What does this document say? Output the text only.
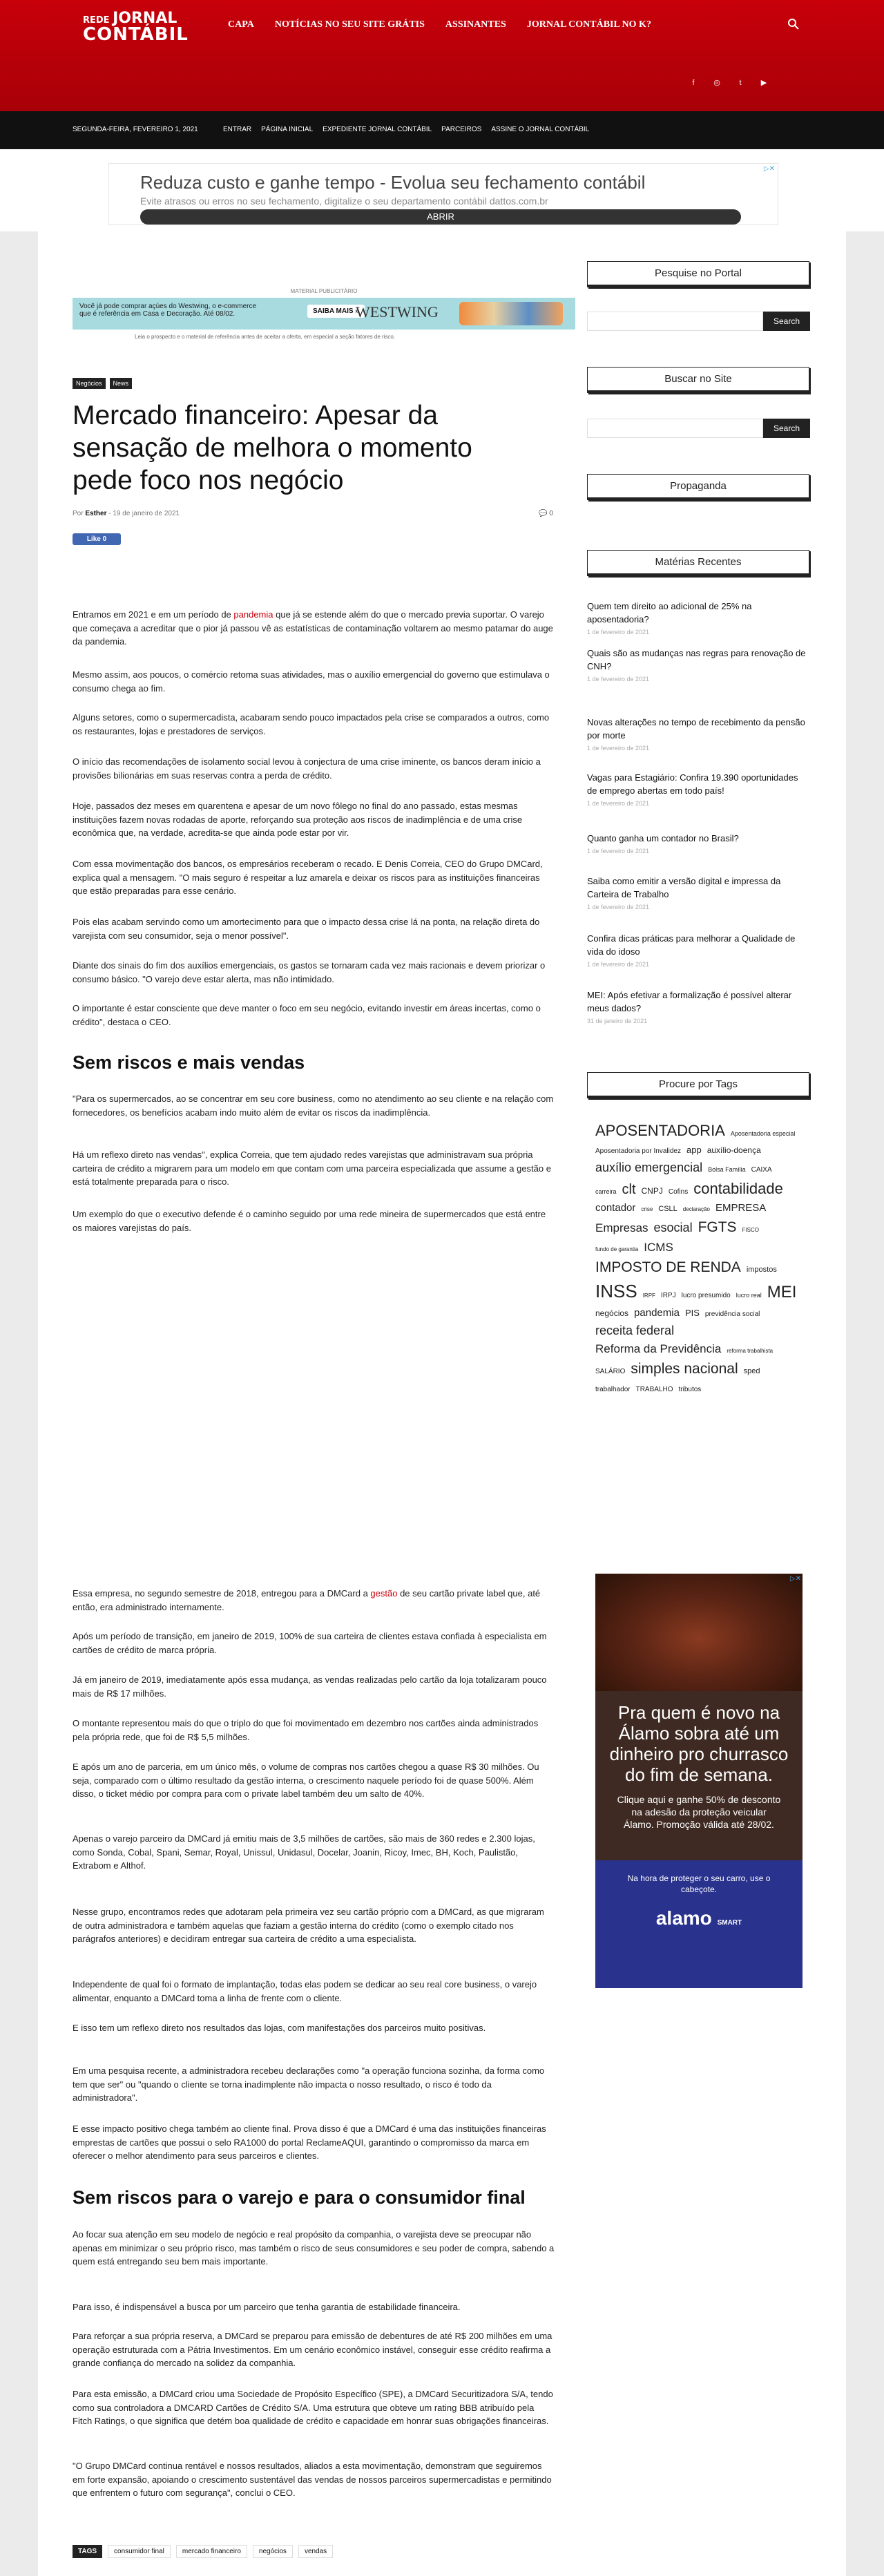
REDE JORNAL
CONTÁBIL	CAPA NOTÍCIAS NO SEU SITE GRÁTIS ASSINANTES JORNAL CONTÁBIL NO K?
f	◎	t	▶
SEGUNDA-FEIRA, FEVEREIRO 1, 2021	ENTRAR PÁGINA INICIAL EXPEDIENTE JORNAL CONTÁBIL PARCEIROS ASSINE O JORNAL CONTÁBIL
▷✕
Reduza custo e ganhe tempo - Evolua seu fechamento contábil
Evite atrasos ou erros no seu fechamento, digitalize o seu departamento contábil dattos.com.br
ABRIR
MATERIAL PUBLICITÁRIO
Você já pode comprar açúes do Westwing, o e-commerce que é referência em Casa e Decoração. Até 08/02.	SAIBA MAIS »
WESTWING
Leia o prospecto e o material de referência antes de aceitar a oferta, em especial a seção fatores de risco.
Negócios	News
Mercado financeiro: Apesar da sensação de melhora o momento pede foco nos negócio
Por Esther - 19 de janeiro de 2021	💬 0
Like 0

Entramos em 2021 e em um período de pandemia que já se estende além do que o mercado previa suportar. O varejo que começava a acreditar que o pior já passou vê as estatísticas de contaminação voltarem ao mesmo patamar do auge da pandemia.

Mesmo assim, aos poucos, o comércio retoma suas atividades, mas o auxílio emergencial do governo que estimulava o consumo chega ao fim.

Alguns setores, como o supermercadista, acabaram sendo pouco impactados pela crise se comparados a outros, como os restaurantes, lojas e prestadores de serviços.

O início das recomendações de isolamento social levou à conjectura de uma crise iminente, os bancos deram início a provisões bilionárias em suas reservas contra a perda de crédito.

Hoje, passados dez meses em quarentena e apesar de um novo fôlego no final do ano passado, estas mesmas instituições fazem novas rodadas de aporte, reforçando sua proteção aos riscos de inadimplência e de uma crise econômica que, na verdade, acredita-se que ainda pode estar por vir.

Com essa movimentação dos bancos, os empresários receberam o recado. E Denis Correia, CEO do Grupo DMCard, explica qual a mensagem. "O mais seguro é respeitar a luz amarela e deixar os riscos para as instituições financeiras que estão preparadas para esse cenário.

Pois elas acabam servindo como um amortecimento para que o impacto dessa crise lá na ponta, na relação direta do varejista com seu consumidor, seja o menor possível".

Diante dos sinais do fim dos auxílios emergenciais, os gastos se tornaram cada vez mais racionais e devem priorizar o consumo básico. "O varejo deve estar alerta, mas não intimidado.

O importante é estar consciente que deve manter o foco em seu negócio, evitando investir em áreas incertas, como o crédito", destaca o CEO.

Sem riscos e mais vendas

"Para os supermercados, ao se concentrar em seu core business, como no atendimento ao seu cliente e na relação com fornecedores, os benefícios acabam indo muito além de evitar os riscos da inadimplência.

Há um reflexo direto nas vendas", explica Correia, que tem ajudado redes varejistas que administravam sua própria carteira de crédito a migrarem para um modelo em que contam com uma parceira especializada que assume a gestão e está totalmente preparada para o risco.

Um exemplo do que o executivo defende é o caminho seguido por uma rede mineira de supermercados que está entre os maiores varejistas do país.

Essa empresa, no segundo semestre de 2018, entregou para a DMCard a gestão de seu cartão private label que, até então, era administrado internamente.

Após um período de transição, em janeiro de 2019, 100% de sua carteira de clientes estava confiada à especialista em cartões de crédito de marca própria.

Já em janeiro de 2019, imediatamente após essa mudança, as vendas realizadas pelo cartão da loja totalizaram pouco mais de R$ 17 milhões.

O montante representou mais do que o triplo do que foi movimentado em dezembro nos cartões ainda administrados pela própria rede, que foi de R$ 5,5 milhões.

E após um ano de parceria, em um único mês, o volume de compras nos cartões chegou a quase R$ 30 milhões. Ou seja, comparado com o último resultado da gestão interna, o crescimento naquele período foi de quase 500%. Além disso, o ticket médio por compra para com o private label também deu um salto de 40%.

Apenas o varejo parceiro da DMCard já emitiu mais de 3,5 milhões de cartões, são mais de 360 redes e 2.300 lojas, como Sonda, Cobal, Spani, Semar, Royal, Unissul, Unidasul, Docelar, Joanin, Ricoy, Imec, BH, Koch, Paulistão, Extrabom e Althof.

Nesse grupo, encontramos redes que adotaram pela primeira vez seu cartão próprio com a DMCard, as que migraram de outra administradora e também aquelas que faziam a gestão interna do crédito (como o exemplo citado nos parágrafos anteriores) e decidiram entregar sua carteira de crédito a uma especialista.

Independente de qual foi o formato de implantação, todas elas podem se dedicar ao seu real core business, o varejo alimentar, enquanto a DMCard toma a linha de frente com o cliente.

E isso tem um reflexo direto nos resultados das lojas, com manifestações dos parceiros muito positivas.

Em uma pesquisa recente, a administradora recebeu declarações como "a operação funciona sozinha, da forma como tem que ser" ou "quando o cliente se torna inadimplente não impacta o nosso resultado, o risco é todo da administradora".

E esse impacto positivo chega também ao cliente final. Prova disso é que a DMCard é uma das instituições financeiras emprestas de cartões que possui o selo RA1000 do portal ReclameAQUI, garantindo o compromisso da marca em oferecer o melhor atendimento para seus parceiros e clientes.

Sem riscos para o varejo e para o consumidor final

Ao focar sua atenção em seu modelo de negócio e real propósito da companhia, o varejista deve se preocupar não apenas em minimizar o seu próprio risco, mas também o risco de seus consumidores e seu poder de compra, sabendo a quem está entregando seu bem mais importante.

Para isso, é indispensável a busca por um parceiro que tenha garantia de estabilidade financeira.

Para reforçar a sua própria reserva, a DMCard se preparou para emissão de debentures de até R$ 200 milhões em uma operação estruturada com a Pátria Investimentos. Em um cenário econômico instável, conseguir esse crédito reafirma a grande confiança do mercado na solidez da companhia.

Para esta emissão, a DMCard criou uma Sociedade de Propósito Específico (SPE), a DMCard Securitizadora S/A, tendo como sua controladora a DMCARD Cartões de Crédito S/A. Uma estrutura que obteve um rating BBB atribuído pela Fitch Ratings, o que significa que detém boa qualidade de crédito e capacidade em honrar suas obrigações financeiras.

"O Grupo DMCard continua rentável e nossos resultados, aliados a esta movimentação, demonstram que seguiremos em forte expansão, apoiando o crescimento sustentável das vendas de nossos parceiros supermercadistas e permitindo que enfrentem o futuro com segurança", conclui o CEO.

TAGS	consumidor final	mercado financeiro	negócios	vendas
Pesquise no Portal
Search
Buscar no Site
Search
Propaganda
Matérias Recentes
Quem tem direito ao adicional de 25% na aposentadoria?
1 de fevereiro de 2021
Quais são as mudanças nas regras para renovação de CNH?
1 de fevereiro de 2021
Novas alterações no tempo de recebimento da pensão por morte
1 de fevereiro de 2021
Vagas para Estagiário: Confira 19.390 oportunidades de emprego abertas em todo país!
1 de fevereiro de 2021
Quanto ganha um contador no Brasil?
1 de fevereiro de 2021
Saiba como emitir a versão digital e impressa da Carteira de Trabalho
1 de fevereiro de 2021
Confira dicas práticas para melhorar a Qualidade de vida do idoso
1 de fevereiro de 2021
MEI: Após efetivar a formalização é possível alterar meus dados?
31 de janeiro de 2021
Procure por Tags
APOSENTADORIA Aposentadoria especialAposentadoria por Invalidez app auxílio-doençaauxílio emergencial Bolsa Família CAIXAcarreira clt CNPJ Cofins contabilidadecontador crise CSLL declaração EMPRESAEmpresas esocial FGTS FISCOfundo de garantia ICMSIMPOSTO DE RENDA impostosINSS IRPF IRPJ lucro presumido lucro real MEInegócios pandemia PIS previdência socialreceita federalReforma da Previdência reforma trabalhistaSALÁRIO simples nacional spedtrabalhador TRABALHO tributos
▷✕
Pra quem é novo na Álamo sobra até um dinheiro pro churrasco do fim de semana.
Clique aqui e ganhe 50% de desconto na adesão da proteção veicular Álamo. Promoção válida até 28/02.
Na hora de proteger o seu carro, use o cabeçote.
alamo SMART
